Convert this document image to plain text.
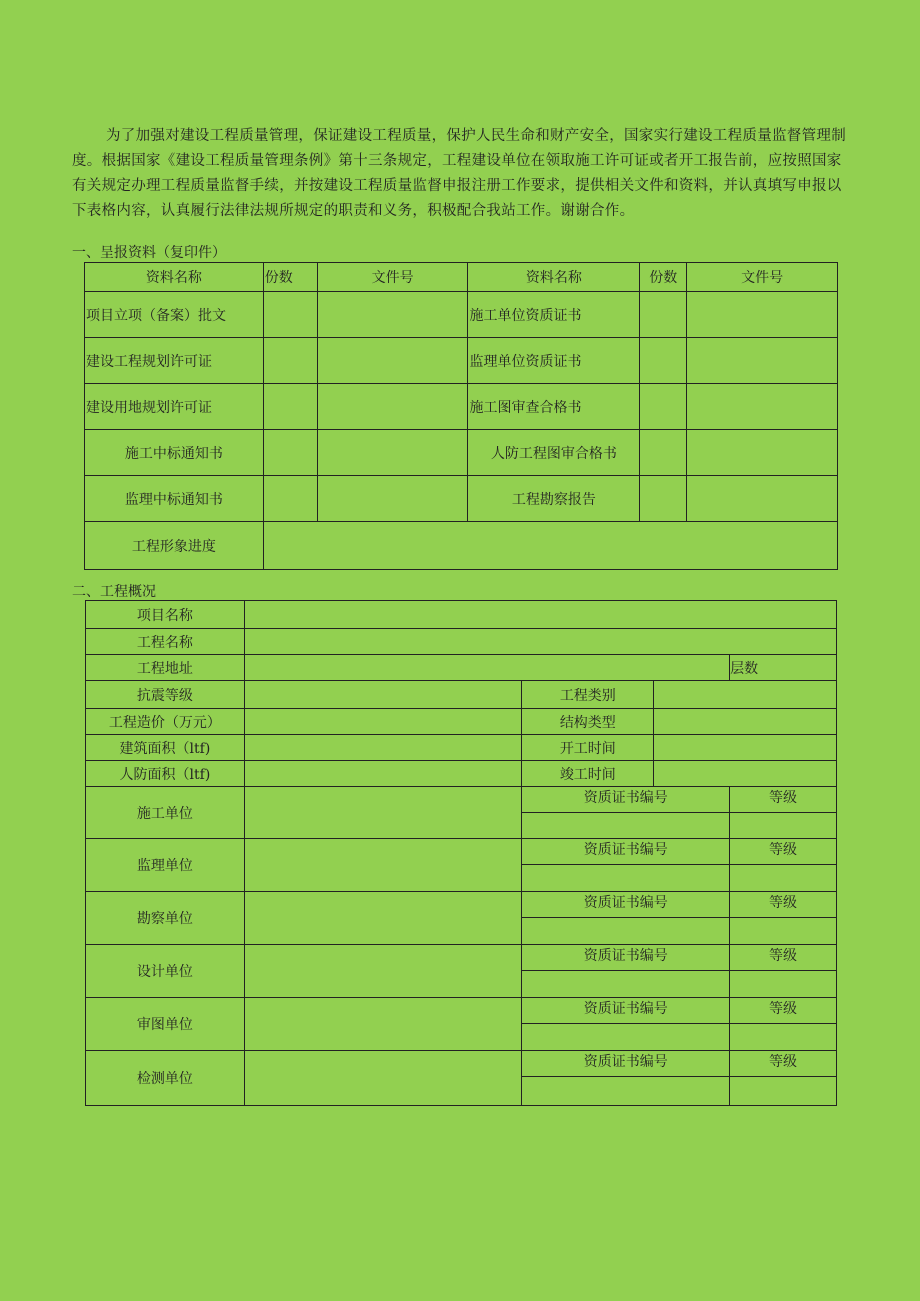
为了加强对建设工程质量管理，保证建设工程质量，保护人民生命和财产安全，国家实行建设工程质量监督管理制度。根据国家《建设工程质量管理条例》第十三条规定，工程建设单位在领取施工许可证或者开工报告前，应按照国家有关规定办理工程质量监督手续，并按建设工程质量监督申报注册工作要求，提供相关文件和资料，并认真填写申报以下表格内容，认真履行法律法规所规定的职责和义务，积极配合我站工作。谢谢合作。

一、呈报资料（复印件）

资料名称	份数	文件号	资料名称	份数	文件号
项目立项（备案）批文			施工单位资质证书		
建设工程规划许可证			监理单位资质证书		
建设用地规划许可证			施工图审查合格书		
施工中标通知书			人防工程图审合格书		
监理中标通知书			工程勘察报告		
工程形象进度					

二、工程概况

项目名称				
工程名称				
工程地址				层数
抗震等级		工程类别		
工程造价（万元）		结构类型		
建筑面积（ltf)		开工时间		
人防面积（ltf)		竣工时间		
施工单位		资质证书编号		等级

监理单位		资质证书编号		等级

勘察单位		资质证书编号		等级

设计单位		资质证书编号		等级

审图单位		资质证书编号		等级

检测单位		资质证书编号		等级
